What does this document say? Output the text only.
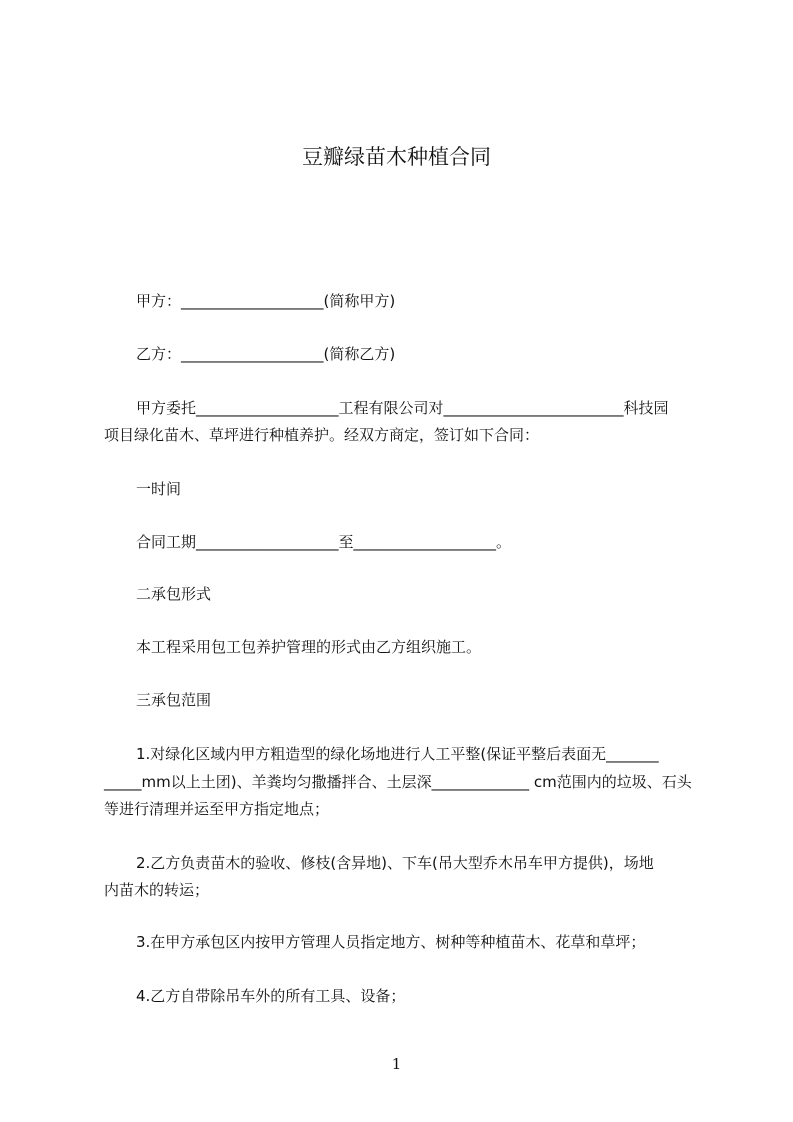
豆瓣绿苗木种植合同
甲方：___________________(简称甲方)
乙方：___________________(简称乙方)
甲方委托___________________工程有限公司对________________________科技园
项目绿化苗木、草坪进行种植养护。经双方商定，签订如下合同：
一时间
合同工期___________________至___________________。
二承包形式
本工程采用包工包养护管理的形式由乙方组织施工。
三承包范围
1.对绿化区域内甲方粗造型的绿化场地进行人工平整(保证平整后表面无_______
_____mm以上土团)、羊粪均匀撒播拌合、土层深_____________ cm范围内的垃圾、石头
等进行清理并运至甲方指定地点；
2.乙方负责苗木的验收、修枝(含异地)、下车(吊大型乔木吊车甲方提供)，场地
内苗木的转运；
3.在甲方承包区内按甲方管理人员指定地方、树种等种植苗木、花草和草坪；
4.乙方自带除吊车外的所有工具、设备；
1
